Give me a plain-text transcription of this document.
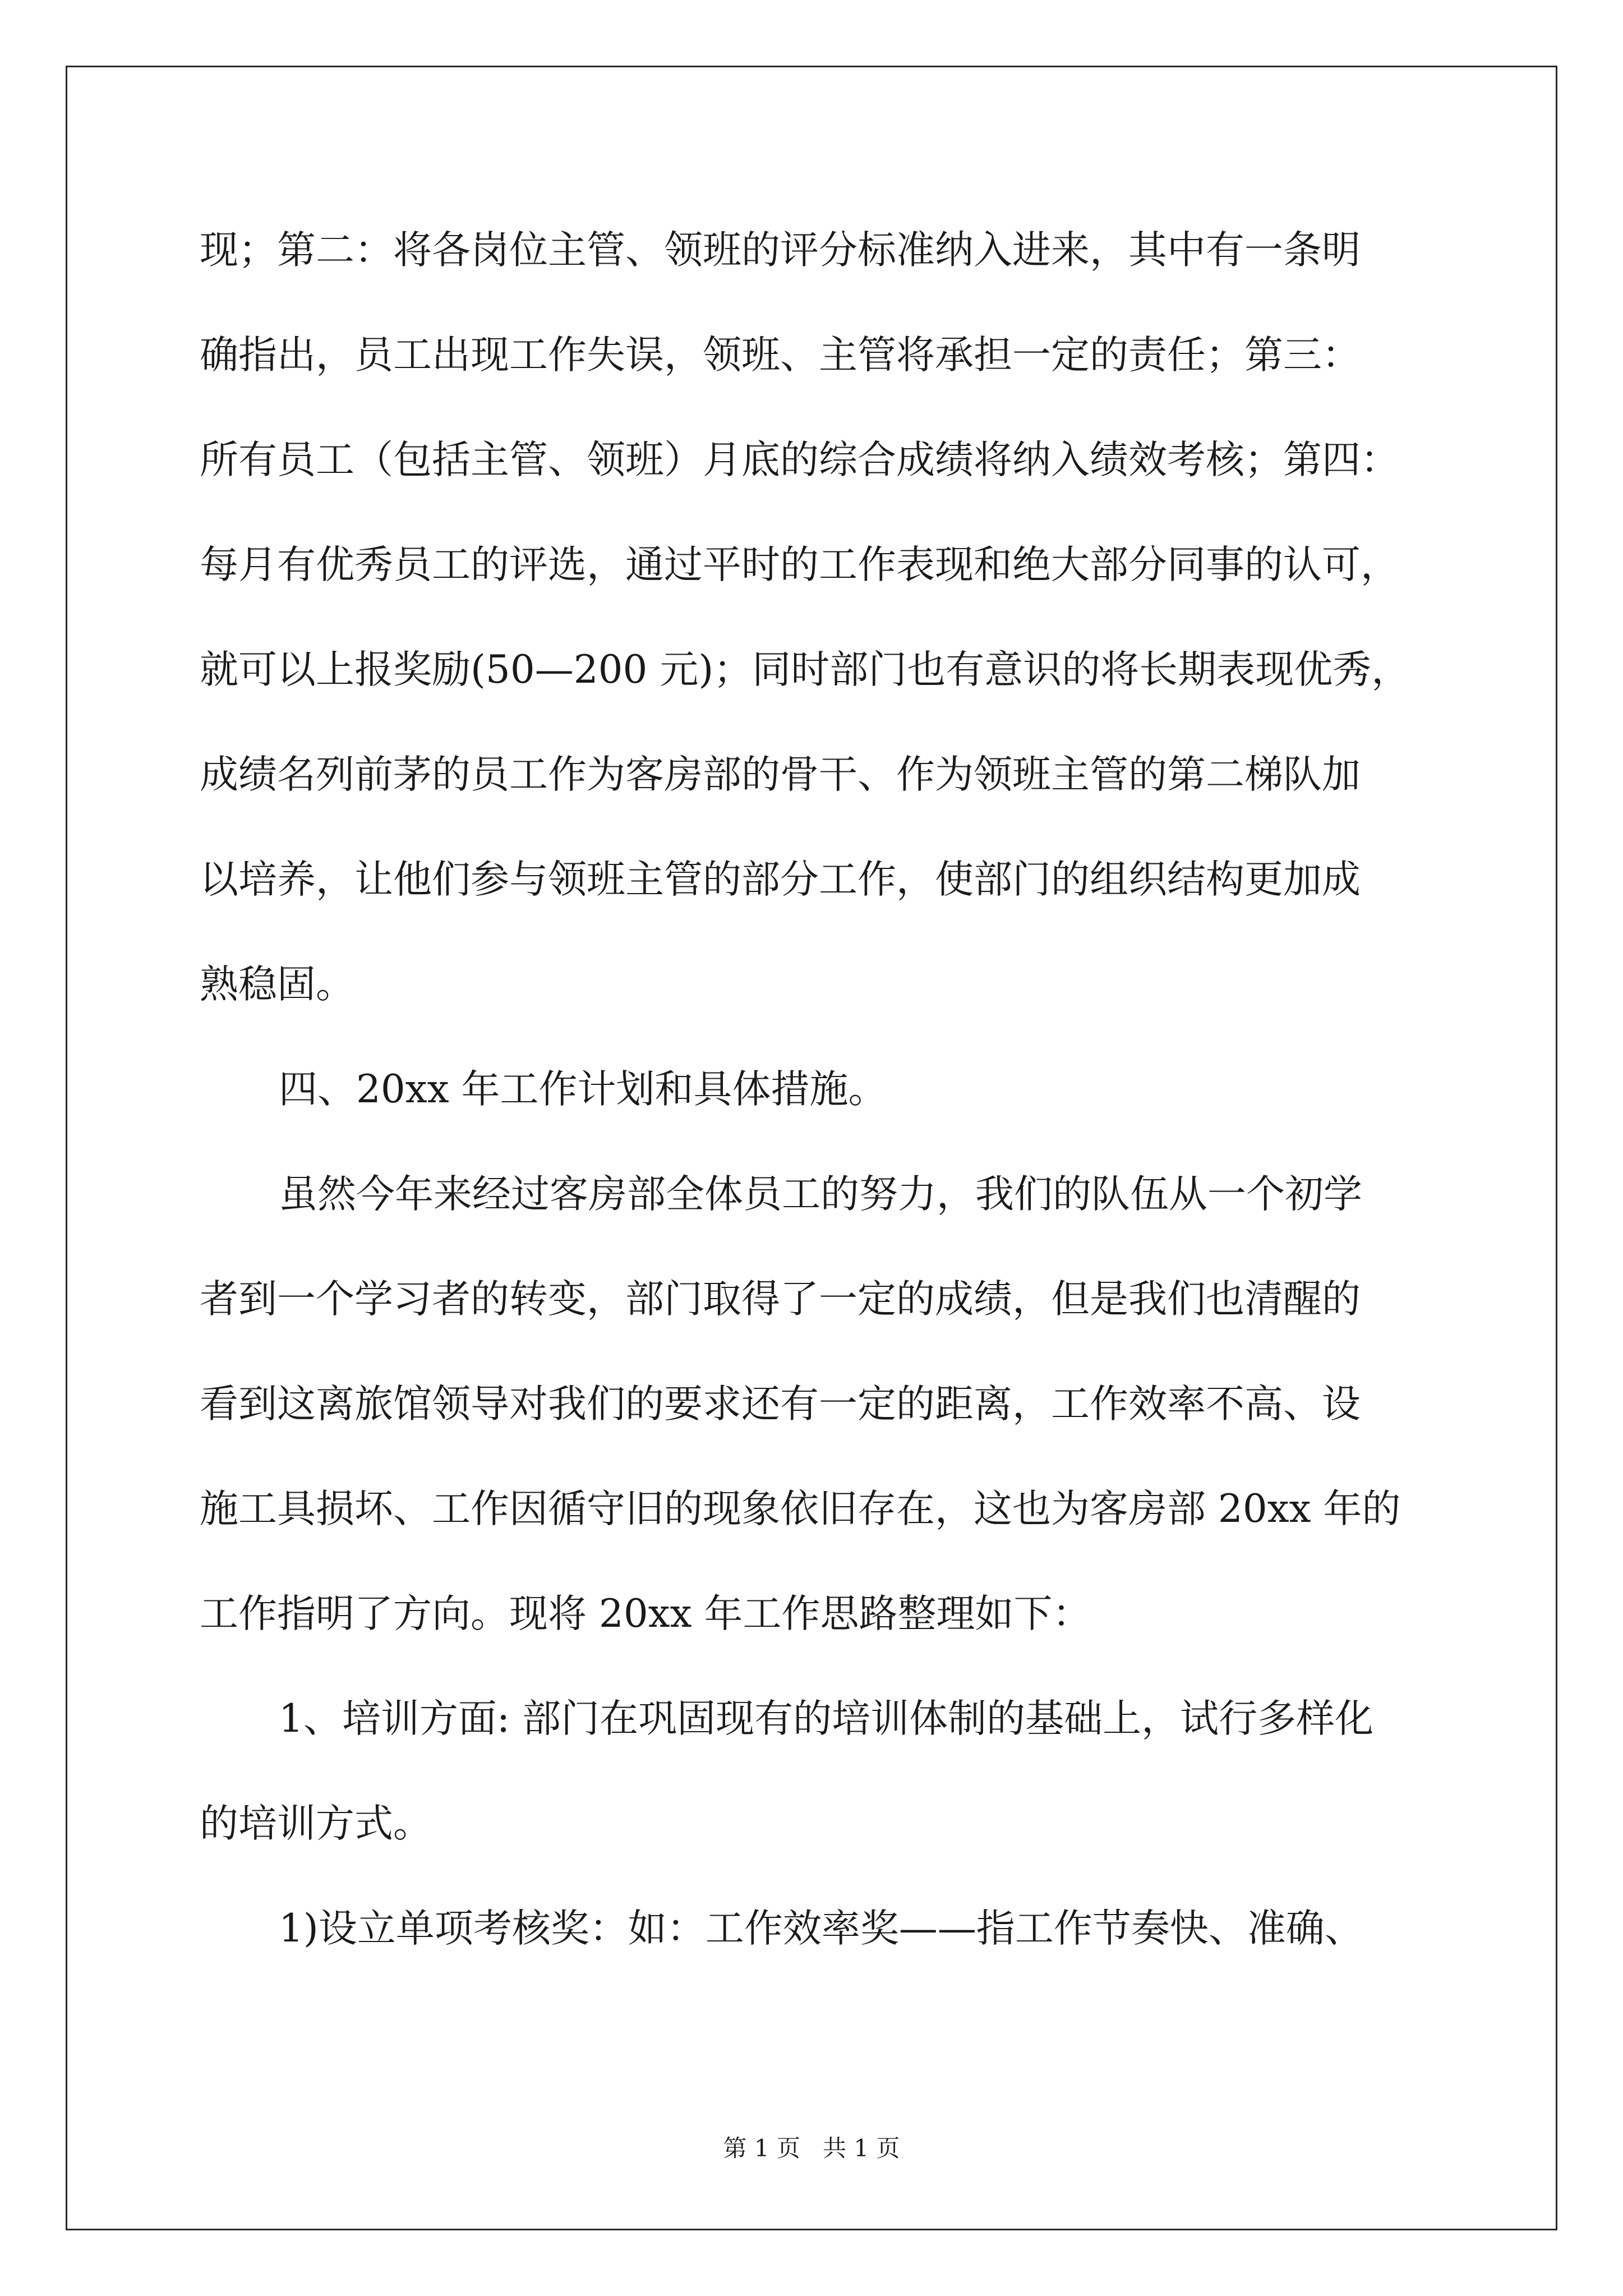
现；第二：将各岗位主管、领班的评分标准纳入进来，其中有一条明
确指出，员工出现工作失误，领班、主管将承担一定的责任；第三：
所有员工（包括主管、领班）月底的综合成绩将纳入绩效考核；第四：
每月有优秀员工的评选，通过平时的工作表现和绝大部分同事的认可，
就可以上报奖励(50—200 元)；同时部门也有意识的将长期表现优秀，
成绩名列前茅的员工作为客房部的骨干、作为领班主管的第二梯队加
以培养，让他们参与领班主管的部分工作，使部门的组织结构更加成
熟稳固。
四、20xx 年工作计划和具体措施。
虽然今年来经过客房部全体员工的努力，我们的队伍从一个初学
者到一个学习者的转变，部门取得了一定的成绩，但是我们也清醒的
看到这离旅馆领导对我们的要求还有一定的距离，工作效率不高、设
施工具损坏、工作因循守旧的现象依旧存在，这也为客房部 20xx 年的
工作指明了方向。现将 20xx 年工作思路整理如下：
1、培训方面: 部门在巩固现有的培训体制的基础上，试行多样化
的培训方式。
1)设立单项考核奖：如：工作效率奖——指工作节奏快、准确、
第 1 页   共 1 页
